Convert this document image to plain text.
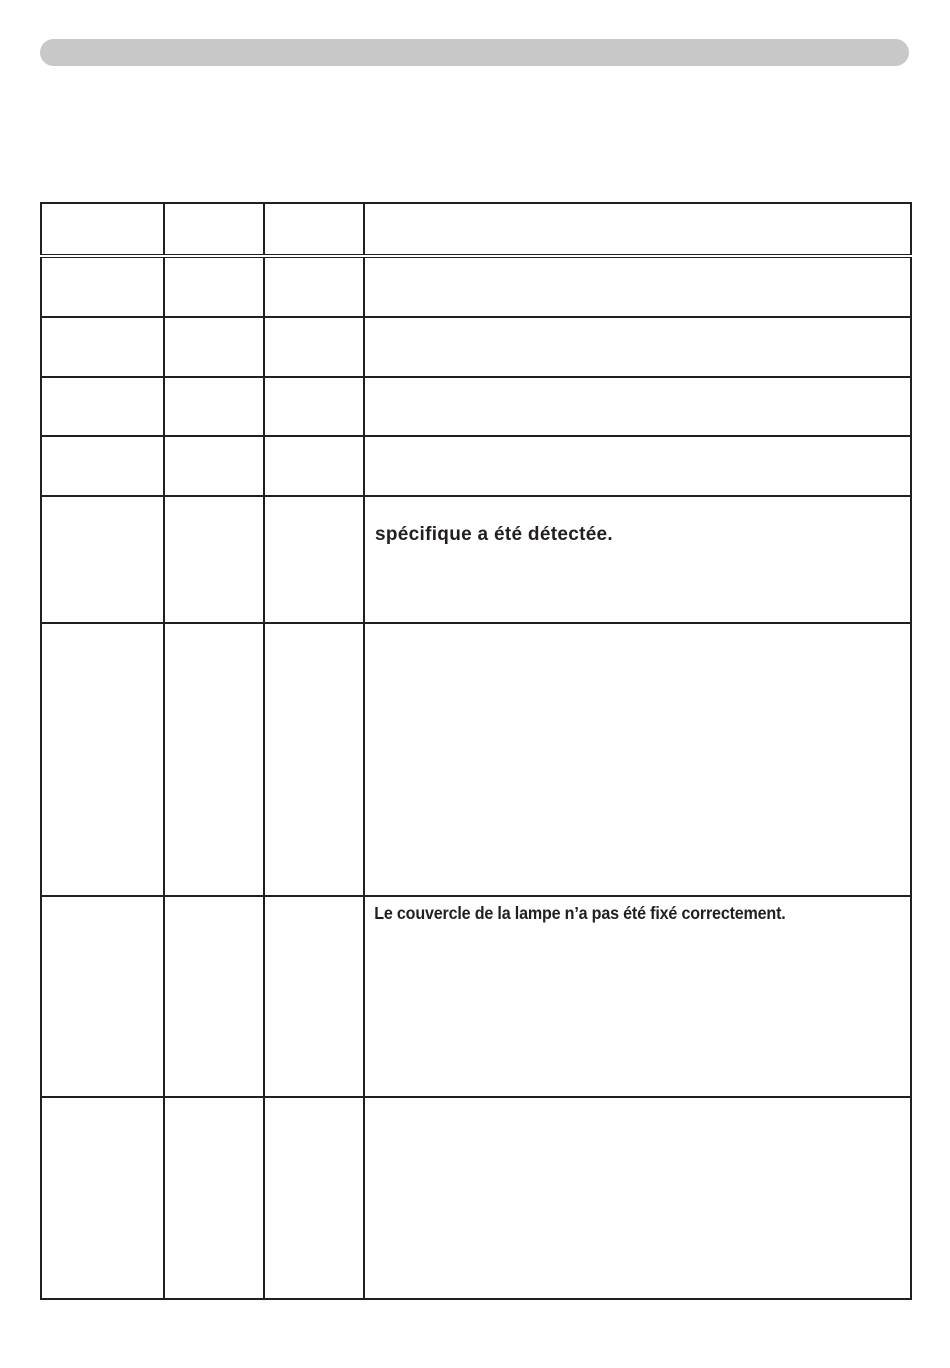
			spécifique a été détectée.

			Le couvercle de la lampe n’a pas été fixé correctement.
